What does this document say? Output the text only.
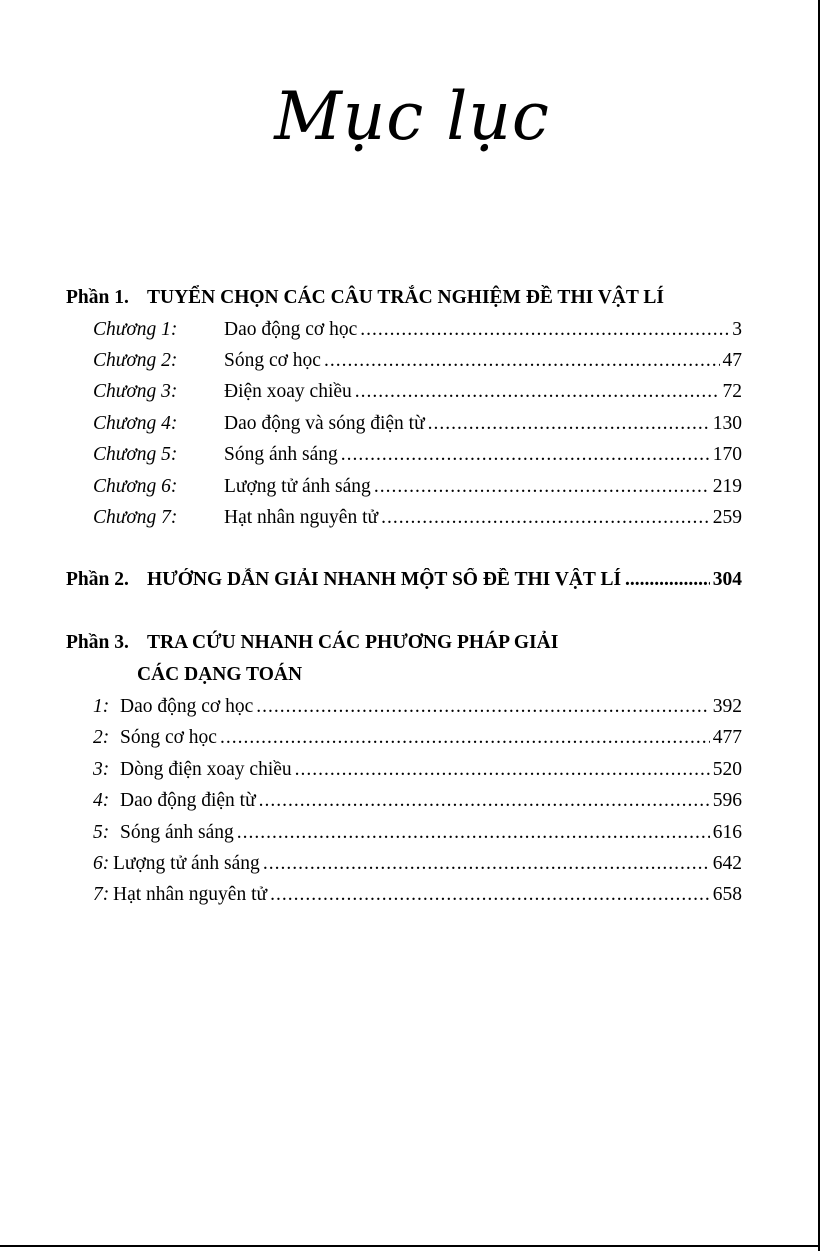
Mục lục
Phần 1. TUYỂN CHỌN CÁC CÂU TRẮC NGHIỆM ĐỀ THI VẬT LÍ
Chương 1:	Dao động cơ học .....	3
Chương 2:	Sóng cơ học .....	47
Chương 3:	Điện xoay chiều .....	72
Chương 4:	Dao động và sóng điện từ .....	130
Chương 5:	Sóng ánh sáng .....	170
Chương 6:	Lượng tử ánh sáng .....	219
Chương 7:	Hạt nhân nguyên tử .....	259
Phần 2. HƯỚNG DẪN GIẢI NHANH MỘT SỐ ĐỀ THI VẬT LÍ .....	304
Phần 3. TRA CỨU NHANH CÁC PHƯƠNG PHÁP GIẢI
CÁC DẠNG TOÁN
1: Dao động cơ học .....	392
2: Sóng cơ học .....	477
3: Dòng điện xoay chiều .....	520
4: Dao động điện từ .....	596
5: Sóng ánh sáng .....	616
6: Lượng tử ánh sáng .....	642
7: Hạt nhân nguyên tử .....	658
